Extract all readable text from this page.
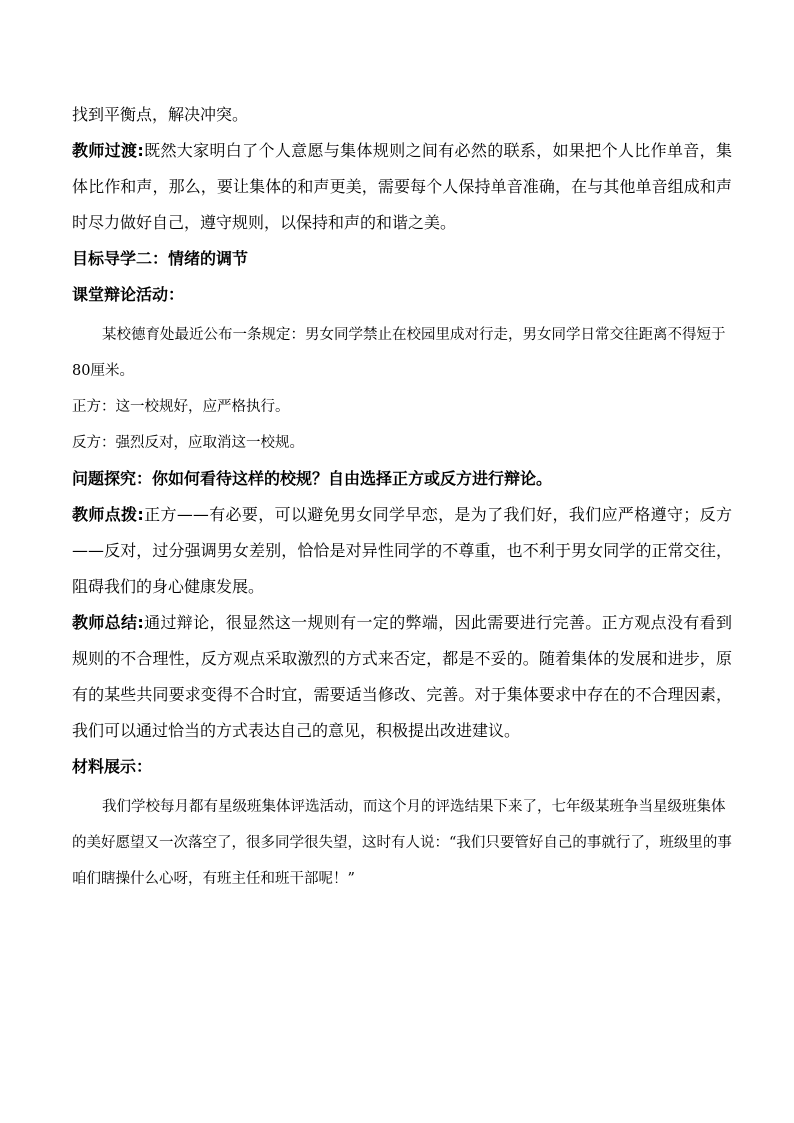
找到平衡点，解决冲突。

教师过渡:既然大家明白了个人意愿与集体规则之间有必然的联系，如果把个人比作单音，集体比作和声，那么，要让集体的和声更美，需要每个人保持单音准确，在与其他单音组成和声时尽力做好自己，遵守规则，以保持和声的和谐之美。

目标导学二：情绪的调节

课堂辩论活动：

某校德育处最近公布一条规定：男女同学禁止在校园里成对行走，男女同学日常交往距离不得短于80厘米。

正方：这一校规好，应严格执行。

反方：强烈反对，应取消这一校规。

问题探究：你如何看待这样的校规？自由选择正方或反方进行辩论。

教师点拨:正方——有必要，可以避免男女同学早恋，是为了我们好，我们应严格遵守；反方——反对，过分强调男女差别，恰恰是对异性同学的不尊重，也不利于男女同学的正常交往，阻碍我们的身心健康发展。

教师总结:通过辩论，很显然这一规则有一定的弊端，因此需要进行完善。正方观点没有看到规则的不合理性，反方观点采取激烈的方式来否定，都是不妥的。随着集体的发展和进步，原有的某些共同要求变得不合时宜，需要适当修改、完善。对于集体要求中存在的不合理因素，我们可以通过恰当的方式表达自己的意见，积极提出改进建议。

材料展示：

我们学校每月都有星级班集体评选活动，而这个月的评选结果下来了，七年级某班争当星级班集体的美好愿望又一次落空了，很多同学很失望，这时有人说：“我们只要管好自己的事就行了，班级里的事咱们瞎操什么心呀，有班主任和班干部呢！”
